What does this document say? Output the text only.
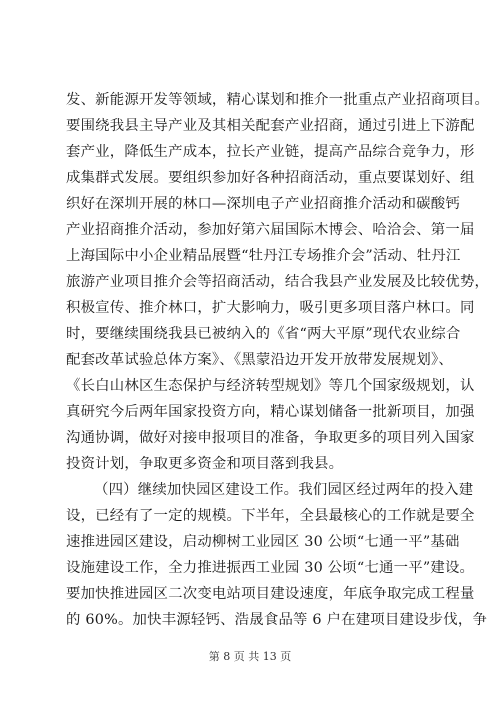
发、新能源开发等领域，精心谋划和推介一批重点产业招商项目。
要围绕我县主导产业及其相关配套产业招商，通过引进上下游配
套产业，降低生产成本，拉长产业链，提高产品综合竞争力，形
成集群式发展。要组织参加好各种招商活动，重点要谋划好、组
织好在深圳开展的林口—深圳电子产业招商推介活动和碳酸钙
产业招商推介活动，参加好第六届国际木博会、哈洽会、第一届
上海国际中小企业精品展暨“牡丹江专场推介会”活动、牡丹江
旅游产业项目推介会等招商活动，结合我县产业发展及比较优势，
积极宣传、推介林口，扩大影响力，吸引更多项目落户林口。同
时，要继续围绕我县已被纳入的《省“两大平原”现代农业综合
配套改革试验总体方案》、《黑蒙沿边开发开放带发展规划》、
《长白山林区生态保护与经济转型规划》等几个国家级规划，认
真研究今后两年国家投资方向，精心谋划储备一批新项目，加强
沟通协调，做好对接申报项目的准备，争取更多的项目列入国家
投资计划，争取更多资金和项目落到我县。
（四）继续加快园区建设工作。我们园区经过两年的投入建
设，已经有了一定的规模。下半年，全县最核心的工作就是要全
速推进园区建设，启动柳树工业园区 30 公顷“七通一平”基础
设施建设工作，全力推进振西工业园 30 公顷“七通一平”建设。
要加快推进园区二次变电站项目建设速度，年底争取完成工程量
的 60%。加快丰源轻钙、浩晟食品等 6 户在建项目建设步伐，争
第 8 页 共 13 页
